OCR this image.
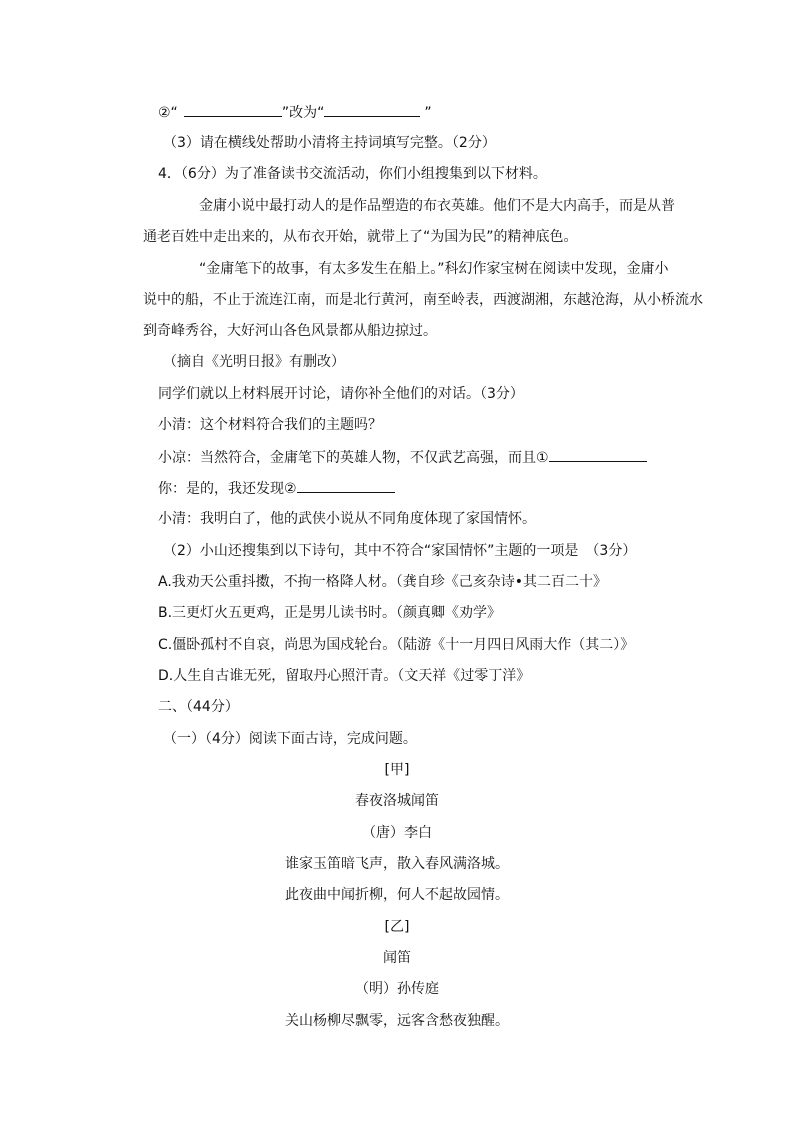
②“	”改为“	”
（3）请在横线处帮助小清将主持词填写完整。（2分）
4．（6分）为了准备读书交流活动，你们小组搜集到以下材料。
金庸小说中最打动人的是作品塑造的布衣英雄。他们不是大内高手，而是从普
通老百姓中走出来的，从布衣开始，就带上了“为国为民”的精神底色。
“金庸笔下的故事，有太多发生在船上。”科幻作家宝树在阅读中发现，金庸小
说中的船，不止于流连江南，而是北行黄河，南至岭表，西渡湖湘，东越沧海，从小桥流水
到奇峰秀谷，大好河山各色风景都从船边掠过。
（摘自《光明日报》有删改）
同学们就以上材料展开讨论，请你补全他们的对话。（3分）
小清：这个材料符合我们的主题吗？
小凉：当然符合，金庸笔下的英雄人物，不仅武艺高强，而且①
你：是的，我还发现②
小清：我明白了，他的武侠小说从不同角度体现了家国情怀。
（2）小山还搜集到以下诗句，其中不符合“家国情怀”主题的一项是　（3分）
A.我劝天公重抖擞，不拘一格降人材。（龚自珍《己亥杂诗•其二百二十》
B.三更灯火五更鸡，正是男儿读书时。（颜真卿《劝学》
C.僵卧孤村不自哀，尚思为国戍轮台。（陆游《十一月四日风雨大作（其二）》
D.人生自古谁无死，留取丹心照汗青。（文天祥《过零丁洋》
二、（44分）
（一）（4分）阅读下面古诗，完成问题。
[甲]
春夜洛城闻笛
（唐）李白
谁家玉笛暗飞声，散入春风满洛城。
此夜曲中闻折柳，何人不起故园情。
[乙]
闻笛
（明）孙传庭
关山杨柳尽飘零，远客含愁夜独醒。
